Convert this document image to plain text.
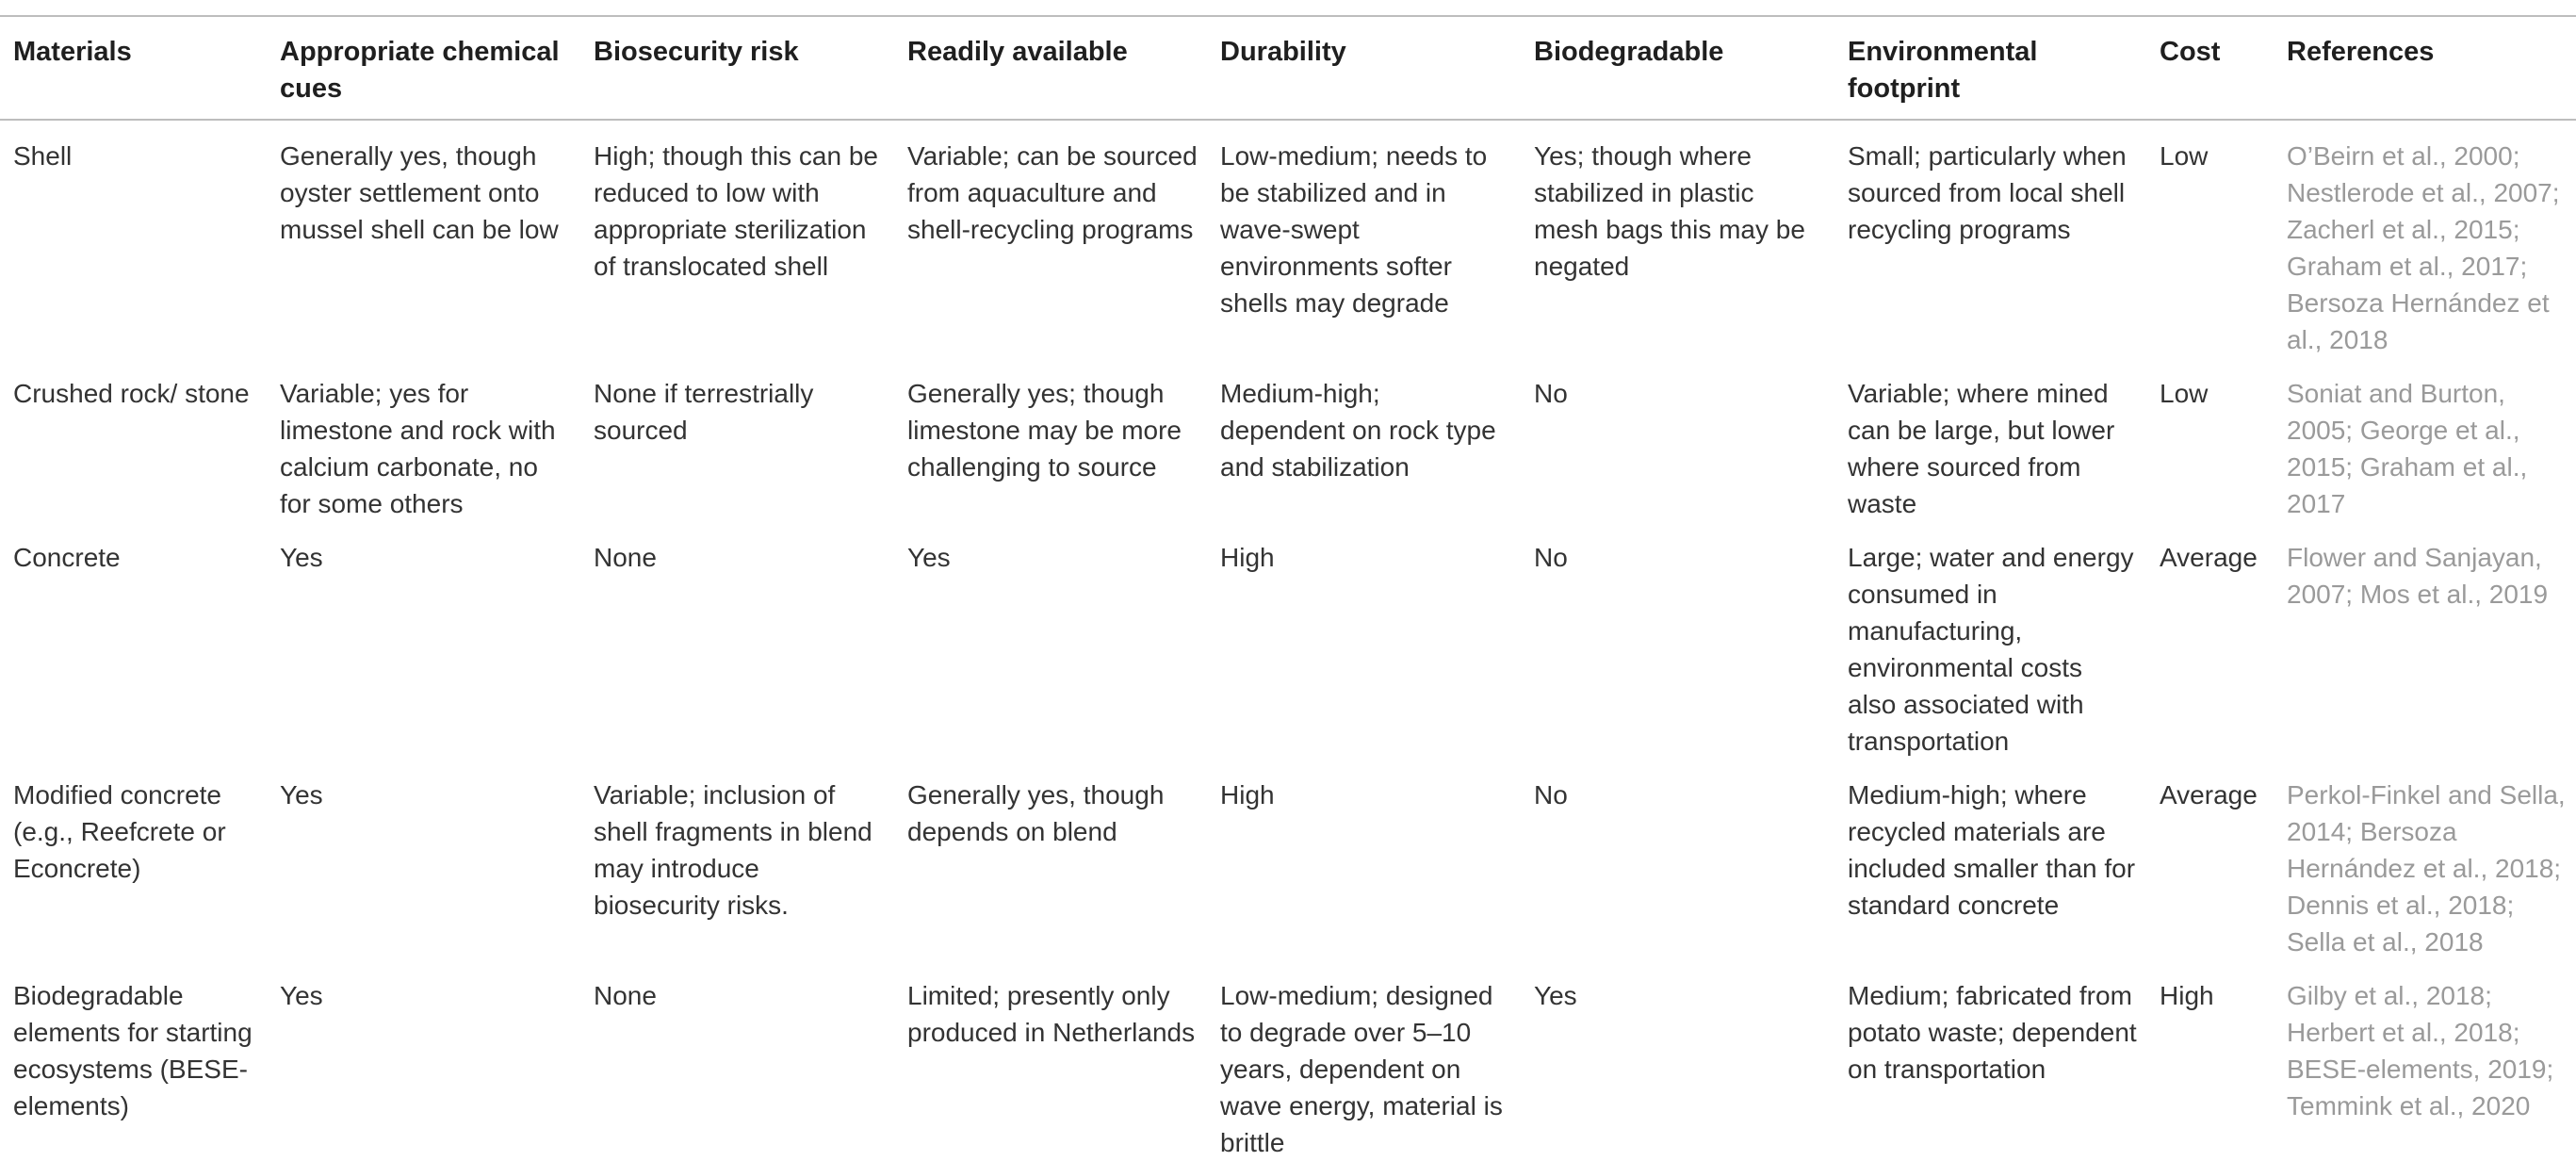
Materials	Appropriate chemical cues	Biosecurity risk	Readily available	Durability	Biodegradable	Environmental footprint	Cost	References
Shell	Generally yes, though oyster settlement onto mussel shell can be low	High; though this can be reduced to low with appropriate sterilization of translocated shell	Variable; can be sourced from aquaculture and shell-recycling programs	Low-medium; needs to be stabilized and in wave-swept environments softer shells may degrade	Yes; though where stabilized in plastic mesh bags this may be negated	Small; particularly when sourced from local shell recycling programs	Low	O’Beirn et al., 2000; Nestlerode et al., 2007; Zacherl et al., 2015; Graham et al., 2017; Bersoza Hernández et al., 2018
Crushed rock/ stone	Variable; yes for limestone and rock with calcium carbonate, no for some others	None if terrestrially sourced	Generally yes; though limestone may be more challenging to source	Medium-high; dependent on rock type and stabilization	No	Variable; where mined can be large, but lower where sourced from waste	Low	Soniat and Burton, 2005; George et al., 2015; Graham et al., 2017
Concrete	Yes	None	Yes	High	No	Large; water and energy consumed in manufacturing, environmental costs also associated with transportation	Average	Flower and Sanjayan, 2007; Mos et al., 2019
Modified concrete (e.g., Reefcrete or Econcrete)	Yes	Variable; inclusion of shell fragments in blend may introduce biosecurity risks.	Generally yes, though depends on blend	High	No	Medium-high; where recycled materials are included smaller than for standard concrete	Average	Perkol-Finkel and Sella, 2014; Bersoza Hernández et al., 2018; Dennis et al., 2018; Sella et al., 2018
Biodegradable elements for starting ecosystems (BESE-elements)	Yes	None	Limited; presently only produced in Netherlands	Low-medium; designed to degrade over 5–10 years, dependent on wave energy, material is brittle	Yes	Medium; fabricated from potato waste; dependent on transportation	High	Gilby et al., 2018; Herbert et al., 2018; BESE-elements, 2019; Temmink et al., 2020
